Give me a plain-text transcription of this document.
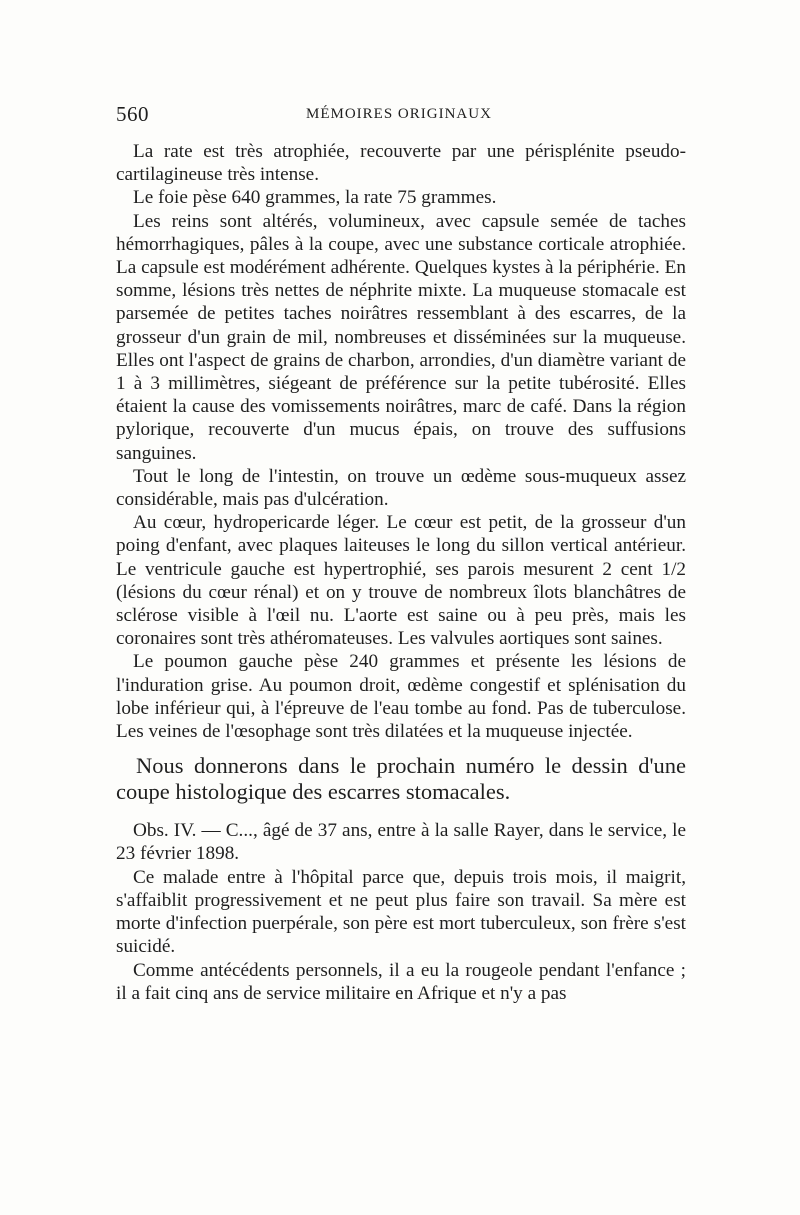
560	MÉMOIRES ORIGINAUX

La rate est très atrophiée, recouverte par une périsplénite pseudo-cartilagineuse très intense.

Le foie pèse 640 grammes, la rate 75 grammes.

Les reins sont altérés, volumineux, avec capsule semée de taches hémorrhagiques, pâles à la coupe, avec une substance corticale atrophiée. La capsule est modérément adhérente. Quelques kystes à la périphérie. En somme, lésions très nettes de néphrite mixte. La muqueuse stomacale est parsemée de petites taches noirâtres ressemblant à des escarres, de la grosseur d'un grain de mil, nombreuses et disséminées sur la muqueuse. Elles ont l'aspect de grains de charbon, arrondies, d'un diamètre variant de 1 à 3 millimètres, siégeant de préférence sur la petite tubérosité. Elles étaient la cause des vomissements noirâtres, marc de café. Dans la région pylorique, recouverte d'un mucus épais, on trouve des suffusions sanguines.

Tout le long de l'intestin, on trouve un œdème sous-muqueux assez considérable, mais pas d'ulcération.

Au cœur, hydropericarde léger. Le cœur est petit, de la grosseur d'un poing d'enfant, avec plaques laiteuses le long du sillon vertical antérieur. Le ventricule gauche est hypertrophié, ses parois mesurent 2 cent 1/2 (lésions du cœur rénal) et on y trouve de nombreux îlots blanchâtres de sclérose visible à l'œil nu. L'aorte est saine ou à peu près, mais les coronaires sont très athéromateuses. Les valvules aortiques sont saines.

Le poumon gauche pèse 240 grammes et présente les lésions de l'induration grise. Au poumon droit, œdème congestif et splénisation du lobe inférieur qui, à l'épreuve de l'eau tombe au fond. Pas de tuberculose. Les veines de l'œsophage sont très dilatées et la muqueuse injectée.

Nous donnerons dans le prochain numéro le dessin d'une coupe histologique des escarres stomacales.

Obs. IV. — C..., âgé de 37 ans, entre à la salle Rayer, dans le service, le 23 février 1898.

Ce malade entre à l'hôpital parce que, depuis trois mois, il maigrit, s'affaiblit progressivement et ne peut plus faire son travail. Sa mère est morte d'infection puerpérale, son père est mort tuberculeux, son frère s'est suicidé.

Comme antécédents personnels, il a eu la rougeole pendant l'enfance ; il a fait cinq ans de service militaire en Afrique et n'y a pas
